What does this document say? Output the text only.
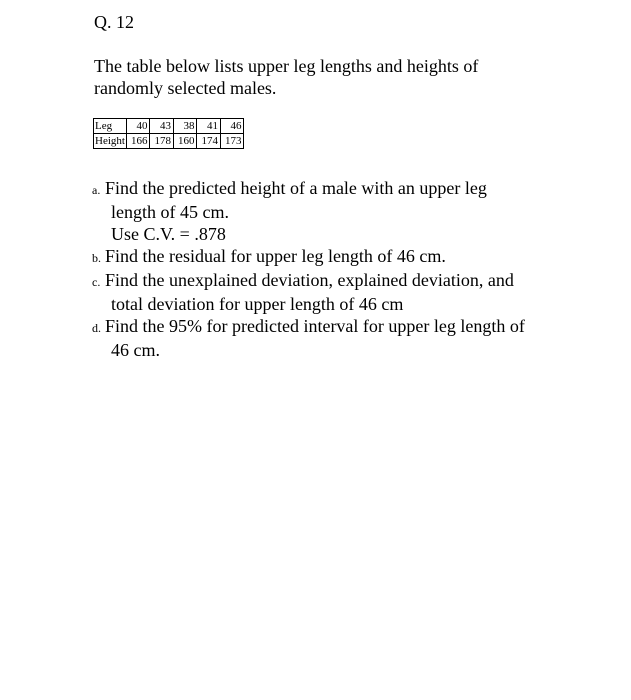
Q. 12
The table below lists upper leg lengths and heights of
randomly selected males.
Leg	40	43	38	41	46
Height	166	178	160	174	173
a. Find the predicted height of a male with an upper leg
length of 45 cm.
Use C.V. = .878
b. Find the residual for upper leg length of 46 cm.
c. Find the unexplained deviation, explained deviation, and
total deviation for upper length of 46 cm
d. Find the 95% for predicted interval for upper leg length of
46 cm.
